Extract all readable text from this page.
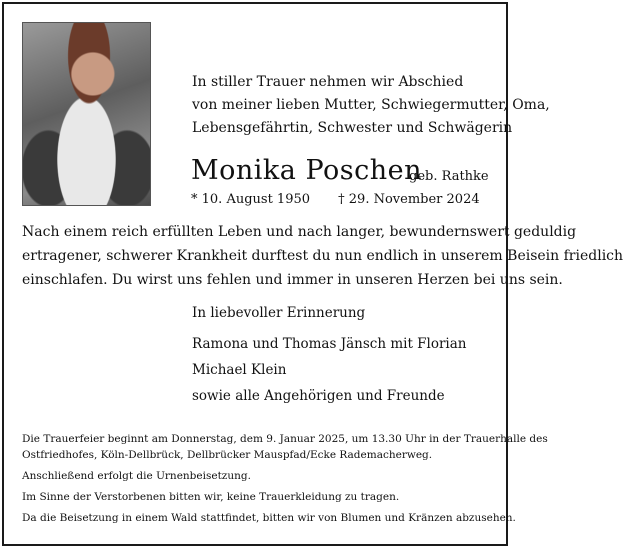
In stiller Trauer nehmen wir Abschied
von meiner lieben Mutter, Schwiegermutter, Oma,
Lebensgefährtin, Schwester und Schwägerin
Monika Poschen
geb. Rathke
* 10. August 1950 † 29. November 2024
Nach einem reich erfüllten Leben und nach langer, bewundernswert geduldig
ertragener, schwerer Krankheit durftest du nun endlich in unserem Beisein friedlich
einschlafen. Du wirst uns fehlen und immer in unseren Herzen bei uns sein.
In liebevoller Erinnerung
Ramona und Thomas Jänsch mit Florian
Michael Klein
sowie alle Angehörigen und Freunde
Die Trauerfeier beginnt am Donnerstag, dem 9. Januar 2025, um 13.30 Uhr in der Trauerhalle des
Ostfriedhofes, Köln-Dellbrück, Dellbrücker Mauspfad/Ecke Rademacherweg.
Anschließend erfolgt die Urnenbeisetzung.
Im Sinne der Verstorbenen bitten wir, keine Trauerkleidung zu tragen.
Da die Beisetzung in einem Wald stattfindet, bitten wir von Blumen und Kränzen abzusehen.
